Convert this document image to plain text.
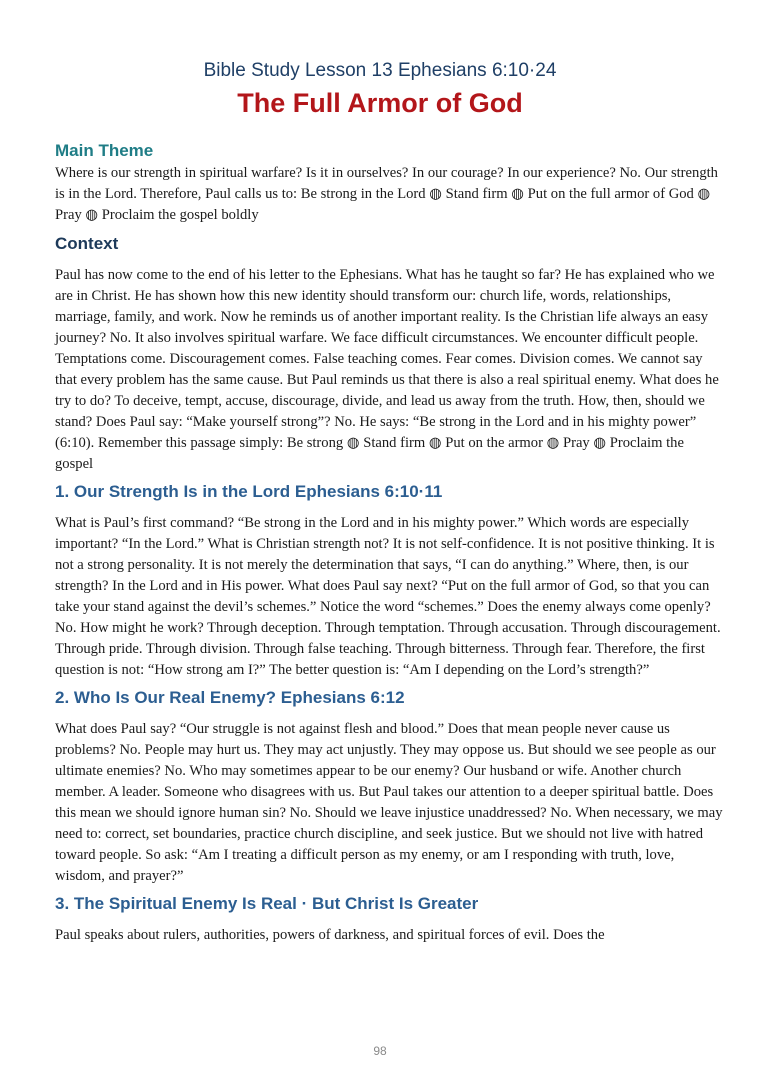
Bible Study Lesson 13 Ephesians 6:10·24
The Full Armor of God
Main Theme

Where is our strength in spiritual warfare? Is it in ourselves? In our courage? In our experience? No. Our strength is in the Lord. Therefore, Paul calls us to: Be strong in the Lord ◍ Stand firm ◍ Put on the full armor of God ◍ Pray ◍ Proclaim the gospel boldly

Context

Paul has now come to the end of his letter to the Ephesians. What has he taught so far? He has explained who we are in Christ. He has shown how this new identity should transform our: church life, words, relationships, marriage, family, and work. Now he reminds us of another important reality. Is the Christian life always an easy journey? No. It also involves spiritual warfare. We face difficult circumstances. We encounter difficult people. Temptations come. Discouragement comes. False teaching comes. Fear comes. Division comes. We cannot say that every problem has the same cause. But Paul reminds us that there is also a real spiritual enemy. What does he try to do? To deceive, tempt, accuse, discourage, divide, and lead us away from the truth. How, then, should we stand? Does Paul say: “Make yourself strong”? No. He says: “Be strong in the Lord and in his mighty power” (6:10). Remember this passage simply: Be strong ◍ Stand firm ◍ Put on the armor ◍ Pray ◍ Proclaim the gospel

1. Our Strength Is in the Lord Ephesians 6:10·11

What is Paul’s first command? “Be strong in the Lord and in his mighty power.” Which words are especially important? “In the Lord.” What is Christian strength not? It is not self-confidence. It is not positive thinking. It is not a strong personality. It is not merely the determination that says, “I can do anything.” Where, then, is our strength? In the Lord and in His power. What does Paul say next? “Put on the full armor of God, so that you can take your stand against the devil’s schemes.” Notice the word “schemes.” Does the enemy always come openly? No. How might he work? Through deception. Through temptation. Through accusation. Through discouragement. Through pride. Through division. Through false teaching. Through bitterness. Through fear. Therefore, the first question is not: “How strong am I?” The better question is: “Am I depending on the Lord’s strength?”

2. Who Is Our Real Enemy? Ephesians 6:12

What does Paul say? “Our struggle is not against flesh and blood.” Does that mean people never cause us problems? No. People may hurt us. They may act unjustly. They may oppose us. But should we see people as our ultimate enemies? No. Who may sometimes appear to be our enemy? Our husband or wife. Another church member. A leader. Someone who disagrees with us. But Paul takes our attention to a deeper spiritual battle. Does this mean we should ignore human sin? No. Should we leave injustice unaddressed? No. When necessary, we may need to: correct, set boundaries, practice church discipline, and seek justice. But we should not live with hatred toward people. So ask: “Am I treating a difficult person as my enemy, or am I responding with truth, love, wisdom, and prayer?”

3. The Spiritual Enemy Is Real · But Christ Is Greater

Paul speaks about rulers, authorities, powers of darkness, and spiritual forces of evil. Does the

98
